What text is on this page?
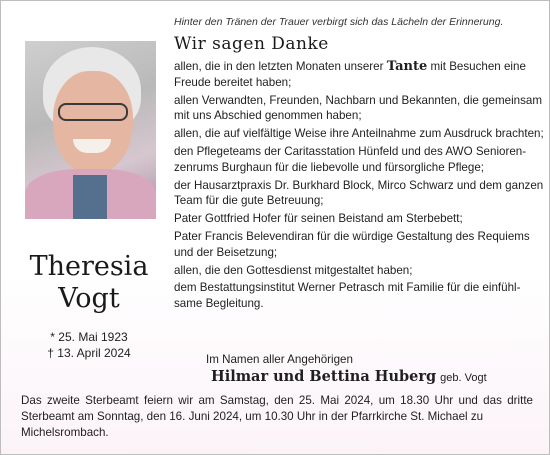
Hinter den Tränen der Trauer verbirgt sich das Lächeln der Erinnerung.
Wir sagen Danke

allen, die in den letzten Monaten unserer Tante mit Besuchen eine Freude bereitet haben;

allen Verwandten, Freunden, Nachbarn und Bekannten, die gemeinsam mit uns Abschied genommen haben;

allen, die auf vielfältige Weise ihre Anteilnahme zum Ausdruck brachten;

den Pflegeteams der Caritasstation Hünfeld und des AWO Senioren-zenrums Burghaun für die liebevolle und fürsorgliche Pflege;

der Hausarztpraxis Dr. Burkhard Block, Mirco Schwarz und dem ganzen Team für die gute Betreuung;

Pater Gottfried Hofer für seinen Beistand am Sterbebett;

Pater Francis Belevendiran für die würdige Gestaltung des Requiems und der Beisetzung;

allen, die den Gottesdienst mitgestaltet haben;

dem Bestattungsinstitut Werner Petrasch mit Familie für die einfühl-same Begleitung.

Theresia
Vogt
* 25. Mai 1923
† 13. April 2024	Im Namen aller Angehörigen
Hilmar und Bettina Huberg geb. Vogt
Das zweite Sterbeamt feiern wir am Samstag, den 25. Mai 2024, um 18.30 Uhr und das dritte Sterbeamt am Sonntag, den 16. Juni 2024, um 10.30 Uhr in der Pfarrkirche St. Michael zu
Michelsrombach.
